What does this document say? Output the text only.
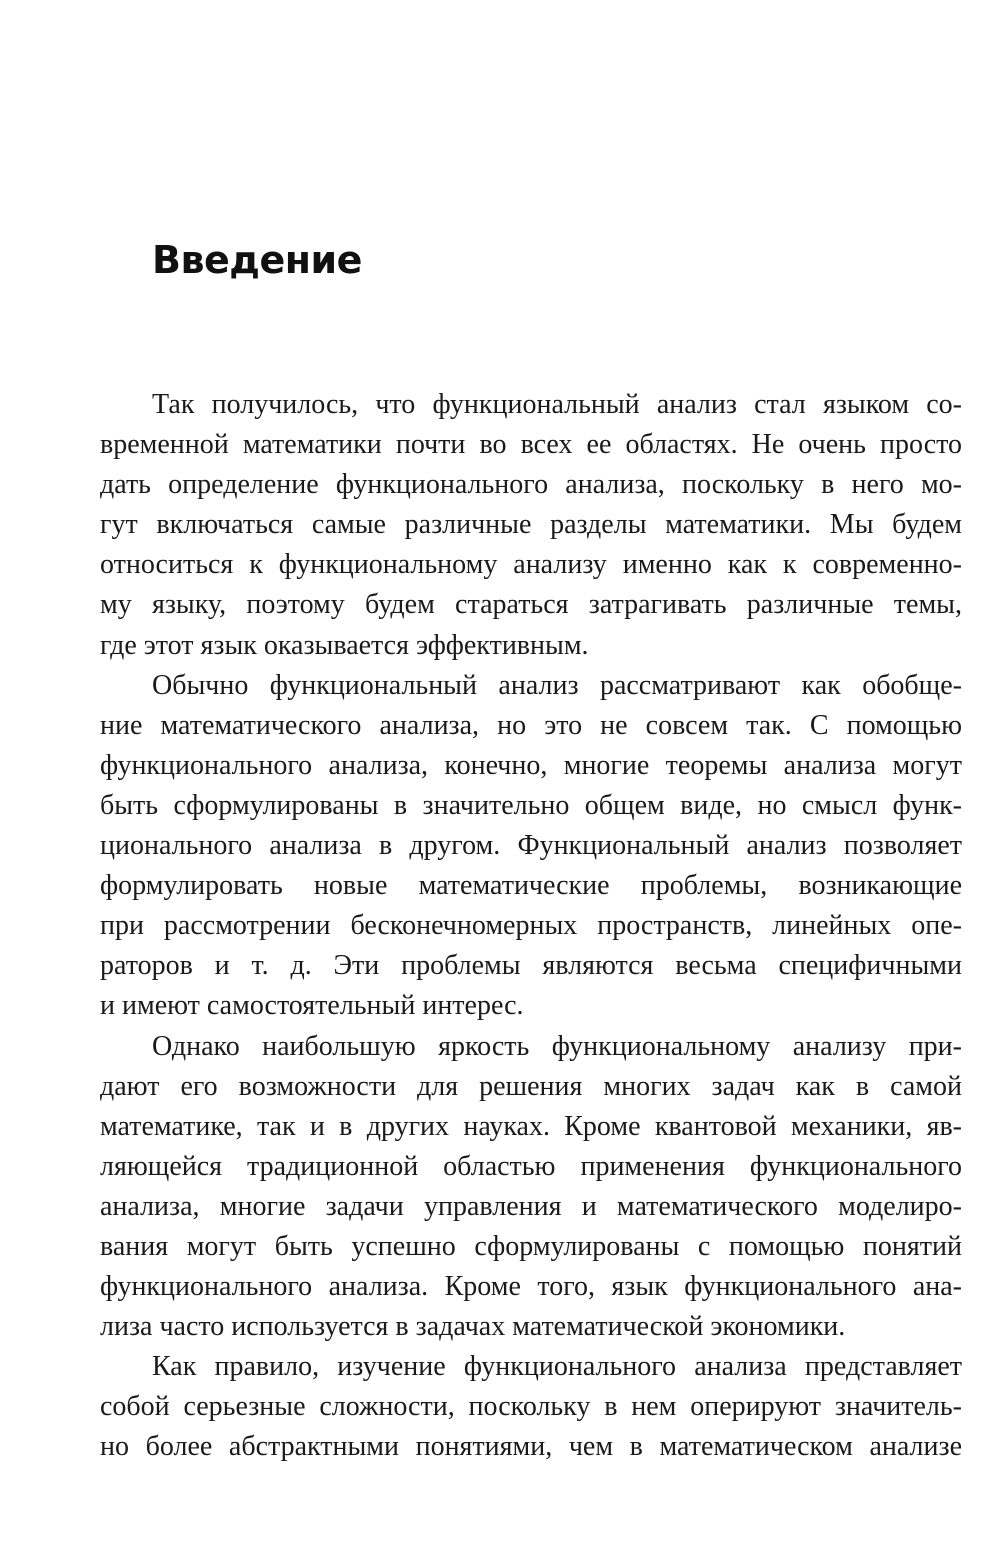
Введение
Так получилось, что функциональный анализ стал языком со-
временной математики почти во всех ее областях. Не очень просто
дать определение функционального анализа, поскольку в него мо-
гут включаться самые различные разделы математики. Мы будем
относиться к функциональному анализу именно как к современно-
му языку, поэтому будем стараться затрагивать различные темы,
где этот язык оказывается эффективным.
Обычно функциональный анализ рассматривают как обобще-
ние математического анализа, но это не совсем так. С помощью
функционального анализа, конечно, многие теоремы анализа могут
быть сформулированы в значительно общем виде, но смысл функ-
ционального анализа в другом. Функциональный анализ позволяет
формулировать новые математические проблемы, возникающие
при рассмотрении бесконечномерных пространств, линейных опе-
раторов и т. д. Эти проблемы являются весьма специфичными
и имеют самостоятельный интерес.
Однако наибольшую яркость функциональному анализу при-
дают его возможности для решения многих задач как в самой
математике, так и в других науках. Кроме квантовой механики, яв-
ляющейся традиционной областью применения функционального
анализа, многие задачи управления и математического моделиро-
вания могут быть успешно сформулированы с помощью понятий
функционального анализа. Кроме того, язык функционального ана-
лиза часто используется в задачах математической экономики.
Как правило, изучение функционального анализа представляет
собой серьезные сложности, поскольку в нем оперируют значитель-
но более абстрактными понятиями, чем в математическом анализе
